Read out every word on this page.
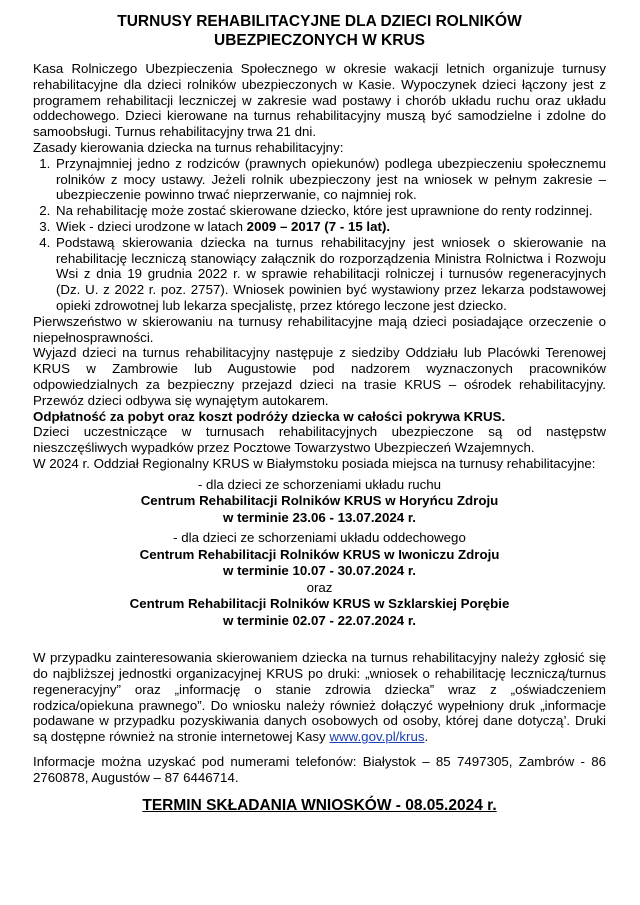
TURNUSY REHABILITACYJNE DLA DZIECI ROLNIKÓW
UBEZPIECZONYCH W KRUS

Kasa Rolniczego Ubezpieczenia Społecznego w okresie wakacji letnich organizuje turnusy rehabilitacyjne dla dzieci rolników ubezpieczonych w Kasie. Wypoczynek dzieci łączony jest z programem rehabilitacji leczniczej w zakresie wad postawy i chorób układu ruchu oraz układu oddechowego. Dzieci kierowane na turnus rehabilitacyjny muszą być samodzielne i zdolne do samoobsługi. Turnus rehabilitacyjny trwa 21 dni.

Zasady kierowania dziecka na turnus rehabilitacyjny:

1. Przynajmniej jedno z rodziców (prawnych opiekunów) podlega ubezpieczeniu społecznemu rolników z mocy ustawy. Jeżeli rolnik ubezpieczony jest na wniosek w pełnym zakresie – ubezpieczenie powinno trwać nieprzerwanie, co najmniej rok.
2. Na rehabilitację może zostać skierowane dziecko, które jest uprawnione do renty rodzinnej.
3. Wiek - dzieci urodzone w latach 2009 – 2017 (7 - 15 lat).
4. Podstawą skierowania dziecka na turnus rehabilitacyjny jest wniosek o skierowanie na rehabilitację leczniczą stanowiący załącznik do rozporządzenia Ministra Rolnictwa i Rozwoju Wsi z dnia 19 grudnia 2022 r. w sprawie rehabilitacji rolniczej i turnusów regeneracyjnych (Dz. U. z 2022 r. poz. 2757). Wniosek powinien być wystawiony przez lekarza podstawowej opieki zdrowotnej lub lekarza specjalistę, przez którego leczone jest dziecko.

Pierwszeństwo w skierowaniu na turnusy rehabilitacyjne mają dzieci posiadające orzeczenie o niepełnosprawności.

Wyjazd dzieci na turnus rehabilitacyjny następuje z siedziby Oddziału lub Placówki Terenowej KRUS w Zambrowie lub Augustowie pod nadzorem wyznaczonych pracowników odpowiedzialnych za bezpieczny przejazd dzieci na trasie KRUS – ośrodek rehabilitacyjny. Przewóz dzieci odbywa się wynajętym autokarem.

Odpłatność za pobyt oraz koszt podróży dziecka w całości pokrywa KRUS.

Dzieci uczestniczące w turnusach rehabilitacyjnych ubezpieczone są od następstw nieszczęśliwych wypadków przez Pocztowe Towarzystwo Ubezpieczeń Wzajemnych.

W 2024 r. Oddział Regionalny KRUS w Białymstoku posiada miejsca na turnusy rehabilitacyjne:

- dla dzieci ze schorzeniami układu ruchu
Centrum Rehabilitacji Rolników KRUS w Horyńcu Zdroju
w terminie 23.06 - 13.07.2024 r.
- dla dzieci ze schorzeniami układu oddechowego
Centrum Rehabilitacji Rolników KRUS w Iwoniczu Zdroju
w terminie 10.07 - 30.07.2024 r.
oraz
Centrum Rehabilitacji Rolników KRUS w Szklarskiej Porębie
w terminie 02.07 - 22.07.2024 r.

W przypadku zainteresowania skierowaniem dziecka na turnus rehabilitacyjny należy zgłosić się do najbliższej jednostki organizacyjnej KRUS po druki: „wniosek o rehabilitację leczniczą/turnus regeneracyjny” oraz „informację o stanie zdrowia dziecka” wraz z „oświadczeniem rodzica/opiekuna prawnego”. Do wniosku należy również dołączyć wypełniony druk „informacje podawane w przypadku pozyskiwania danych osobowych od osoby, której dane dotyczą’. Druki są dostępne również na stronie internetowej Kasy www.gov.pl/krus.

Informacje można uzyskać pod numerami telefonów: Białystok – 85 7497305, Zambrów - 86 2760878, Augustów – 87 6446714.

TERMIN SKŁADANIA WNIOSKÓW - 08.05.2024 r.
